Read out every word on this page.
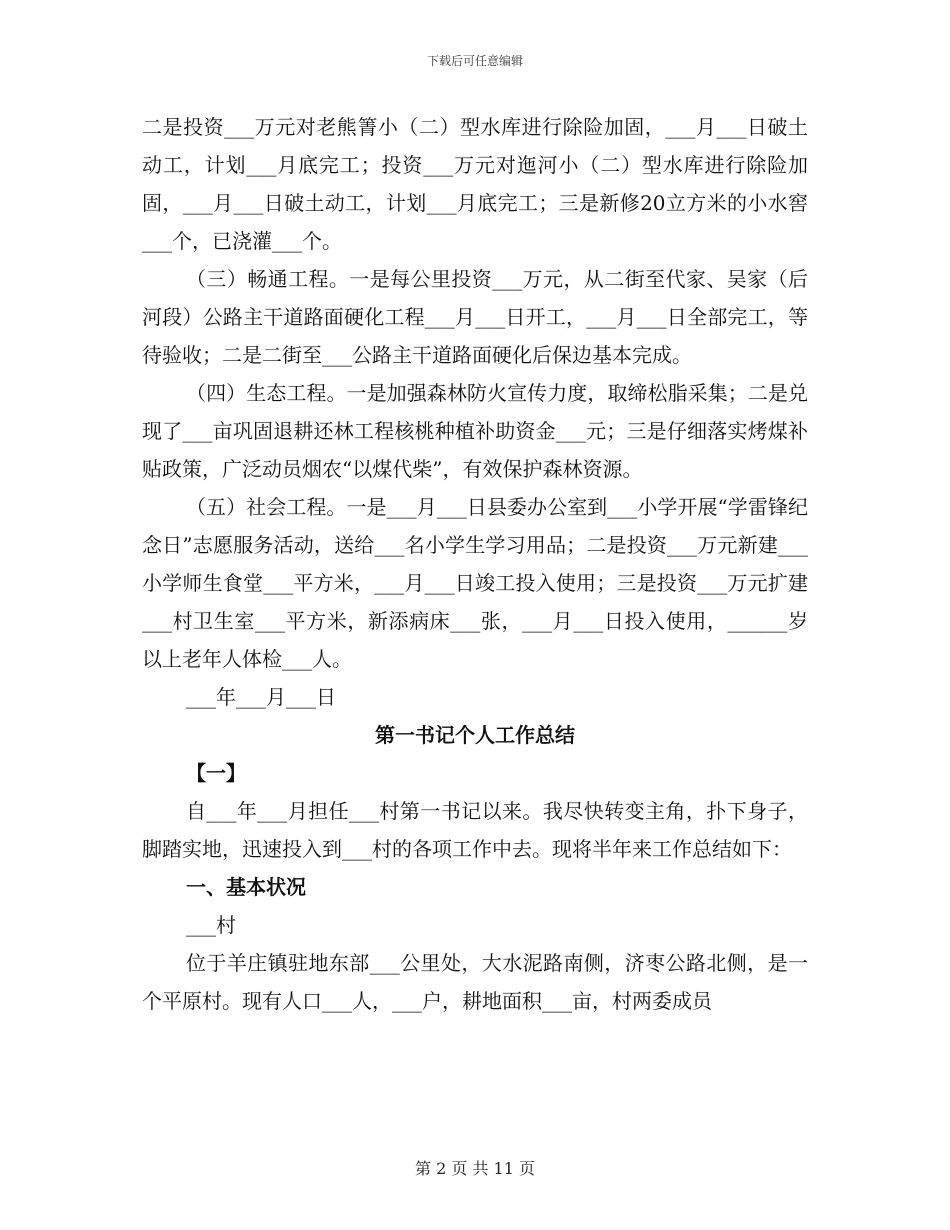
下载后可任意编辑

二是投资___万元对老熊箐小（二）型水库进行除险加固，___月___日破土动工，计划___月底完工；投资___万元对迤河小（二）型水库进行除险加固，___月___日破土动工，计划___月底完工；三是新修20立方米的小水窖___个，已浇灌___个。

（三）畅通工程。一是每公里投资___万元，从二街至代家、吴家（后河段）公路主干道路面硬化工程___月___日开工，___月___日全部完工，等待验收；二是二街至___公路主干道路面硬化后保边基本完成。

（四）生态工程。一是加强森林防火宣传力度，取缔松脂采集；二是兑现了___亩巩固退耕还林工程核桃种植补助资金___元；三是仔细落实烤煤补贴政策，广泛动员烟农“以煤代柴”，有效保护森林资源。

（五）社会工程。一是___月___日县委办公室到___小学开展“学雷锋纪念日”志愿服务活动，送给___名小学生学习用品；二是投资___万元新建___小学师生食堂___平方米，___月___日竣工投入使用；三是投资___万元扩建___村卫生室___平方米，新添病床___张，___月___日投入使用，______岁以上老年人体检___人。

___年___月___日

第一书记个人工作总结

【一】

自___年___月担任___村第一书记以来。我尽快转变主角，扑下身子，脚踏实地，迅速投入到___村的各项工作中去。现将半年来工作总结如下：

一、基本状况

___村

位于羊庄镇驻地东部___公里处，大水泥路南侧，济枣公路北侧，是一个平原村。现有人口___人，___户，耕地面积___亩，村两委成员

第 2 页 共 11 页
